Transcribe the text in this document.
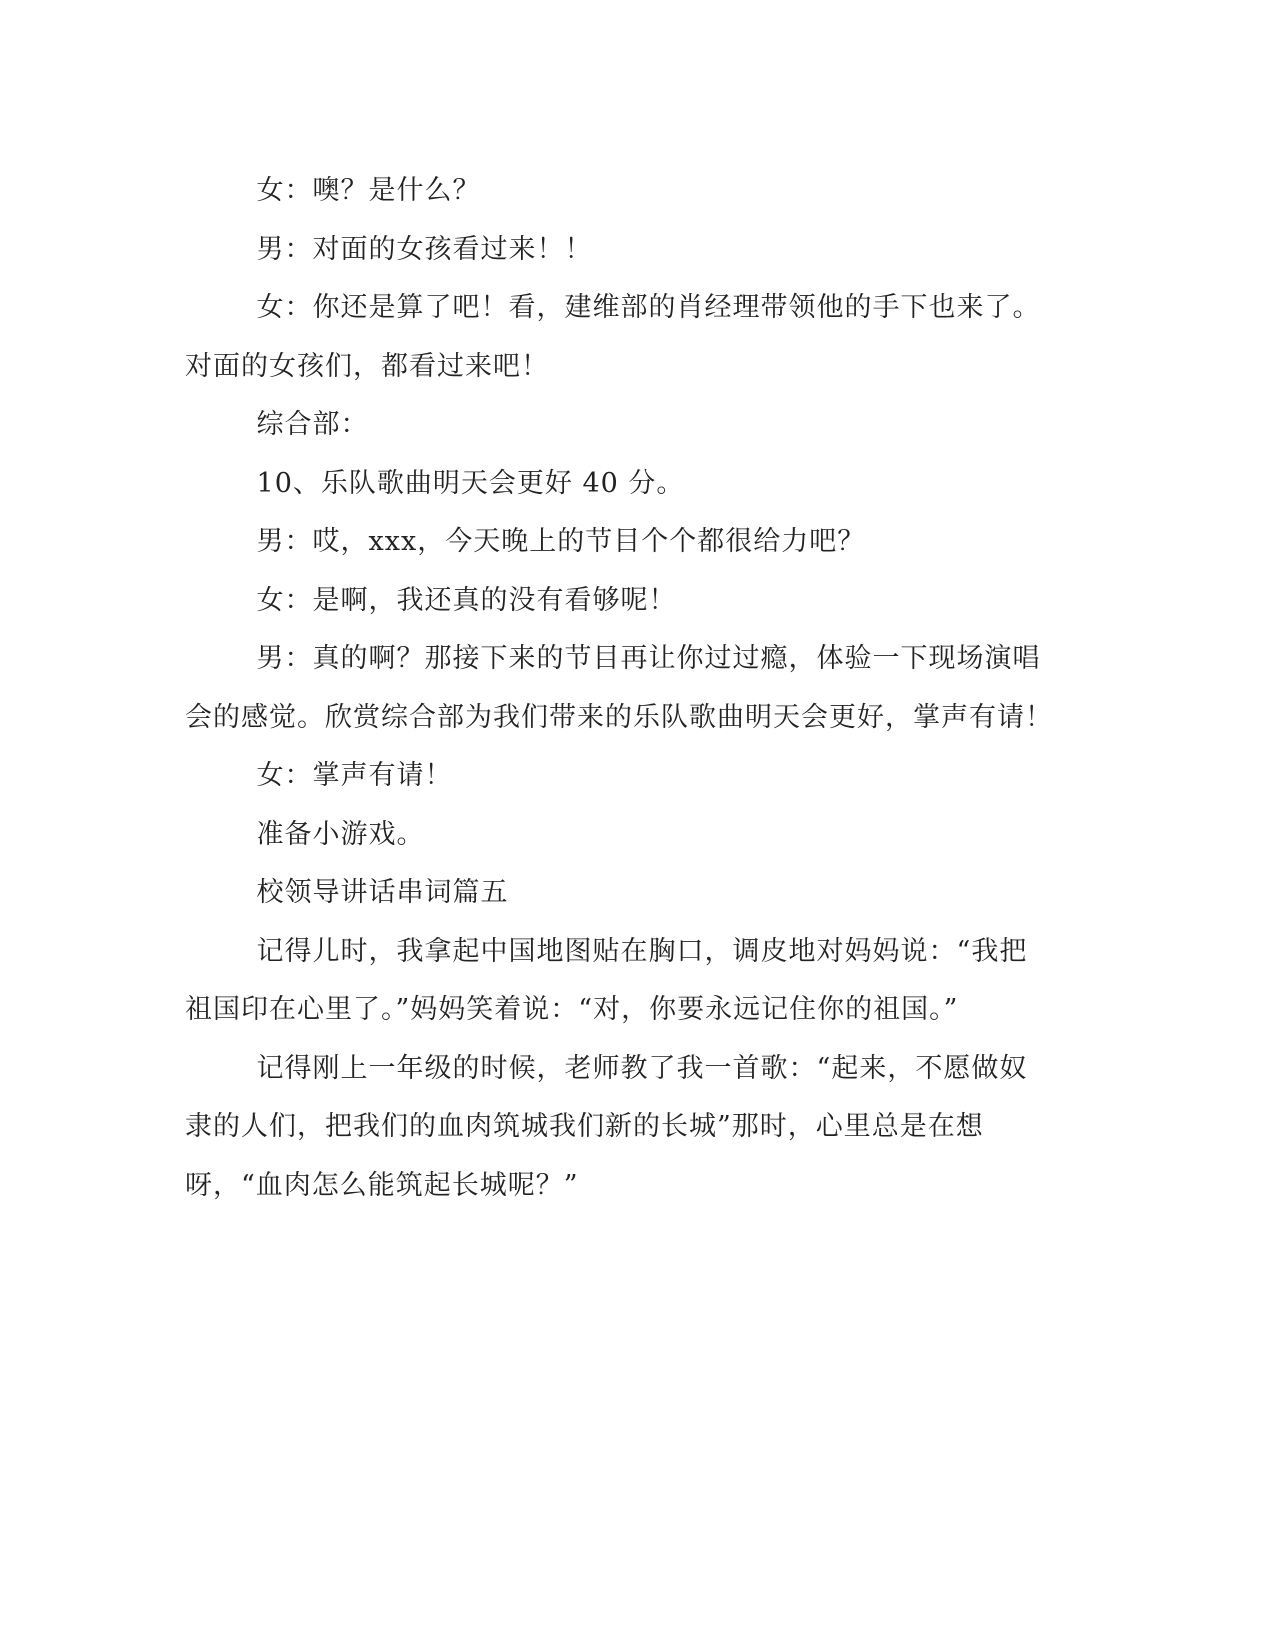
女：噢？是什么？

男：对面的女孩看过来！！

女：你还是算了吧！看，建维部的肖经理带领他的手下也来了。对面的女孩们，都看过来吧！

综合部：

10、乐队歌曲明天会更好 40 分。

男：哎，xxx，今天晚上的节目个个都很给力吧？

女：是啊，我还真的没有看够呢！

男：真的啊？那接下来的节目再让你过过瘾，体验一下现场演唱会的感觉。欣赏综合部为我们带来的乐队歌曲明天会更好，掌声有请！

女：掌声有请！

准备小游戏。

校领导讲话串词篇五

记得儿时，我拿起中国地图贴在胸口，调皮地对妈妈说：“我把祖国印在心里了。”妈妈笑着说：“对，你要永远记住你的祖国。”

记得刚上一年级的时候，老师教了我一首歌：“起来，不愿做奴隶的人们，把我们的血肉筑城我们新的长城”那时，心里总是在想呀，“血肉怎么能筑起长城呢？”
